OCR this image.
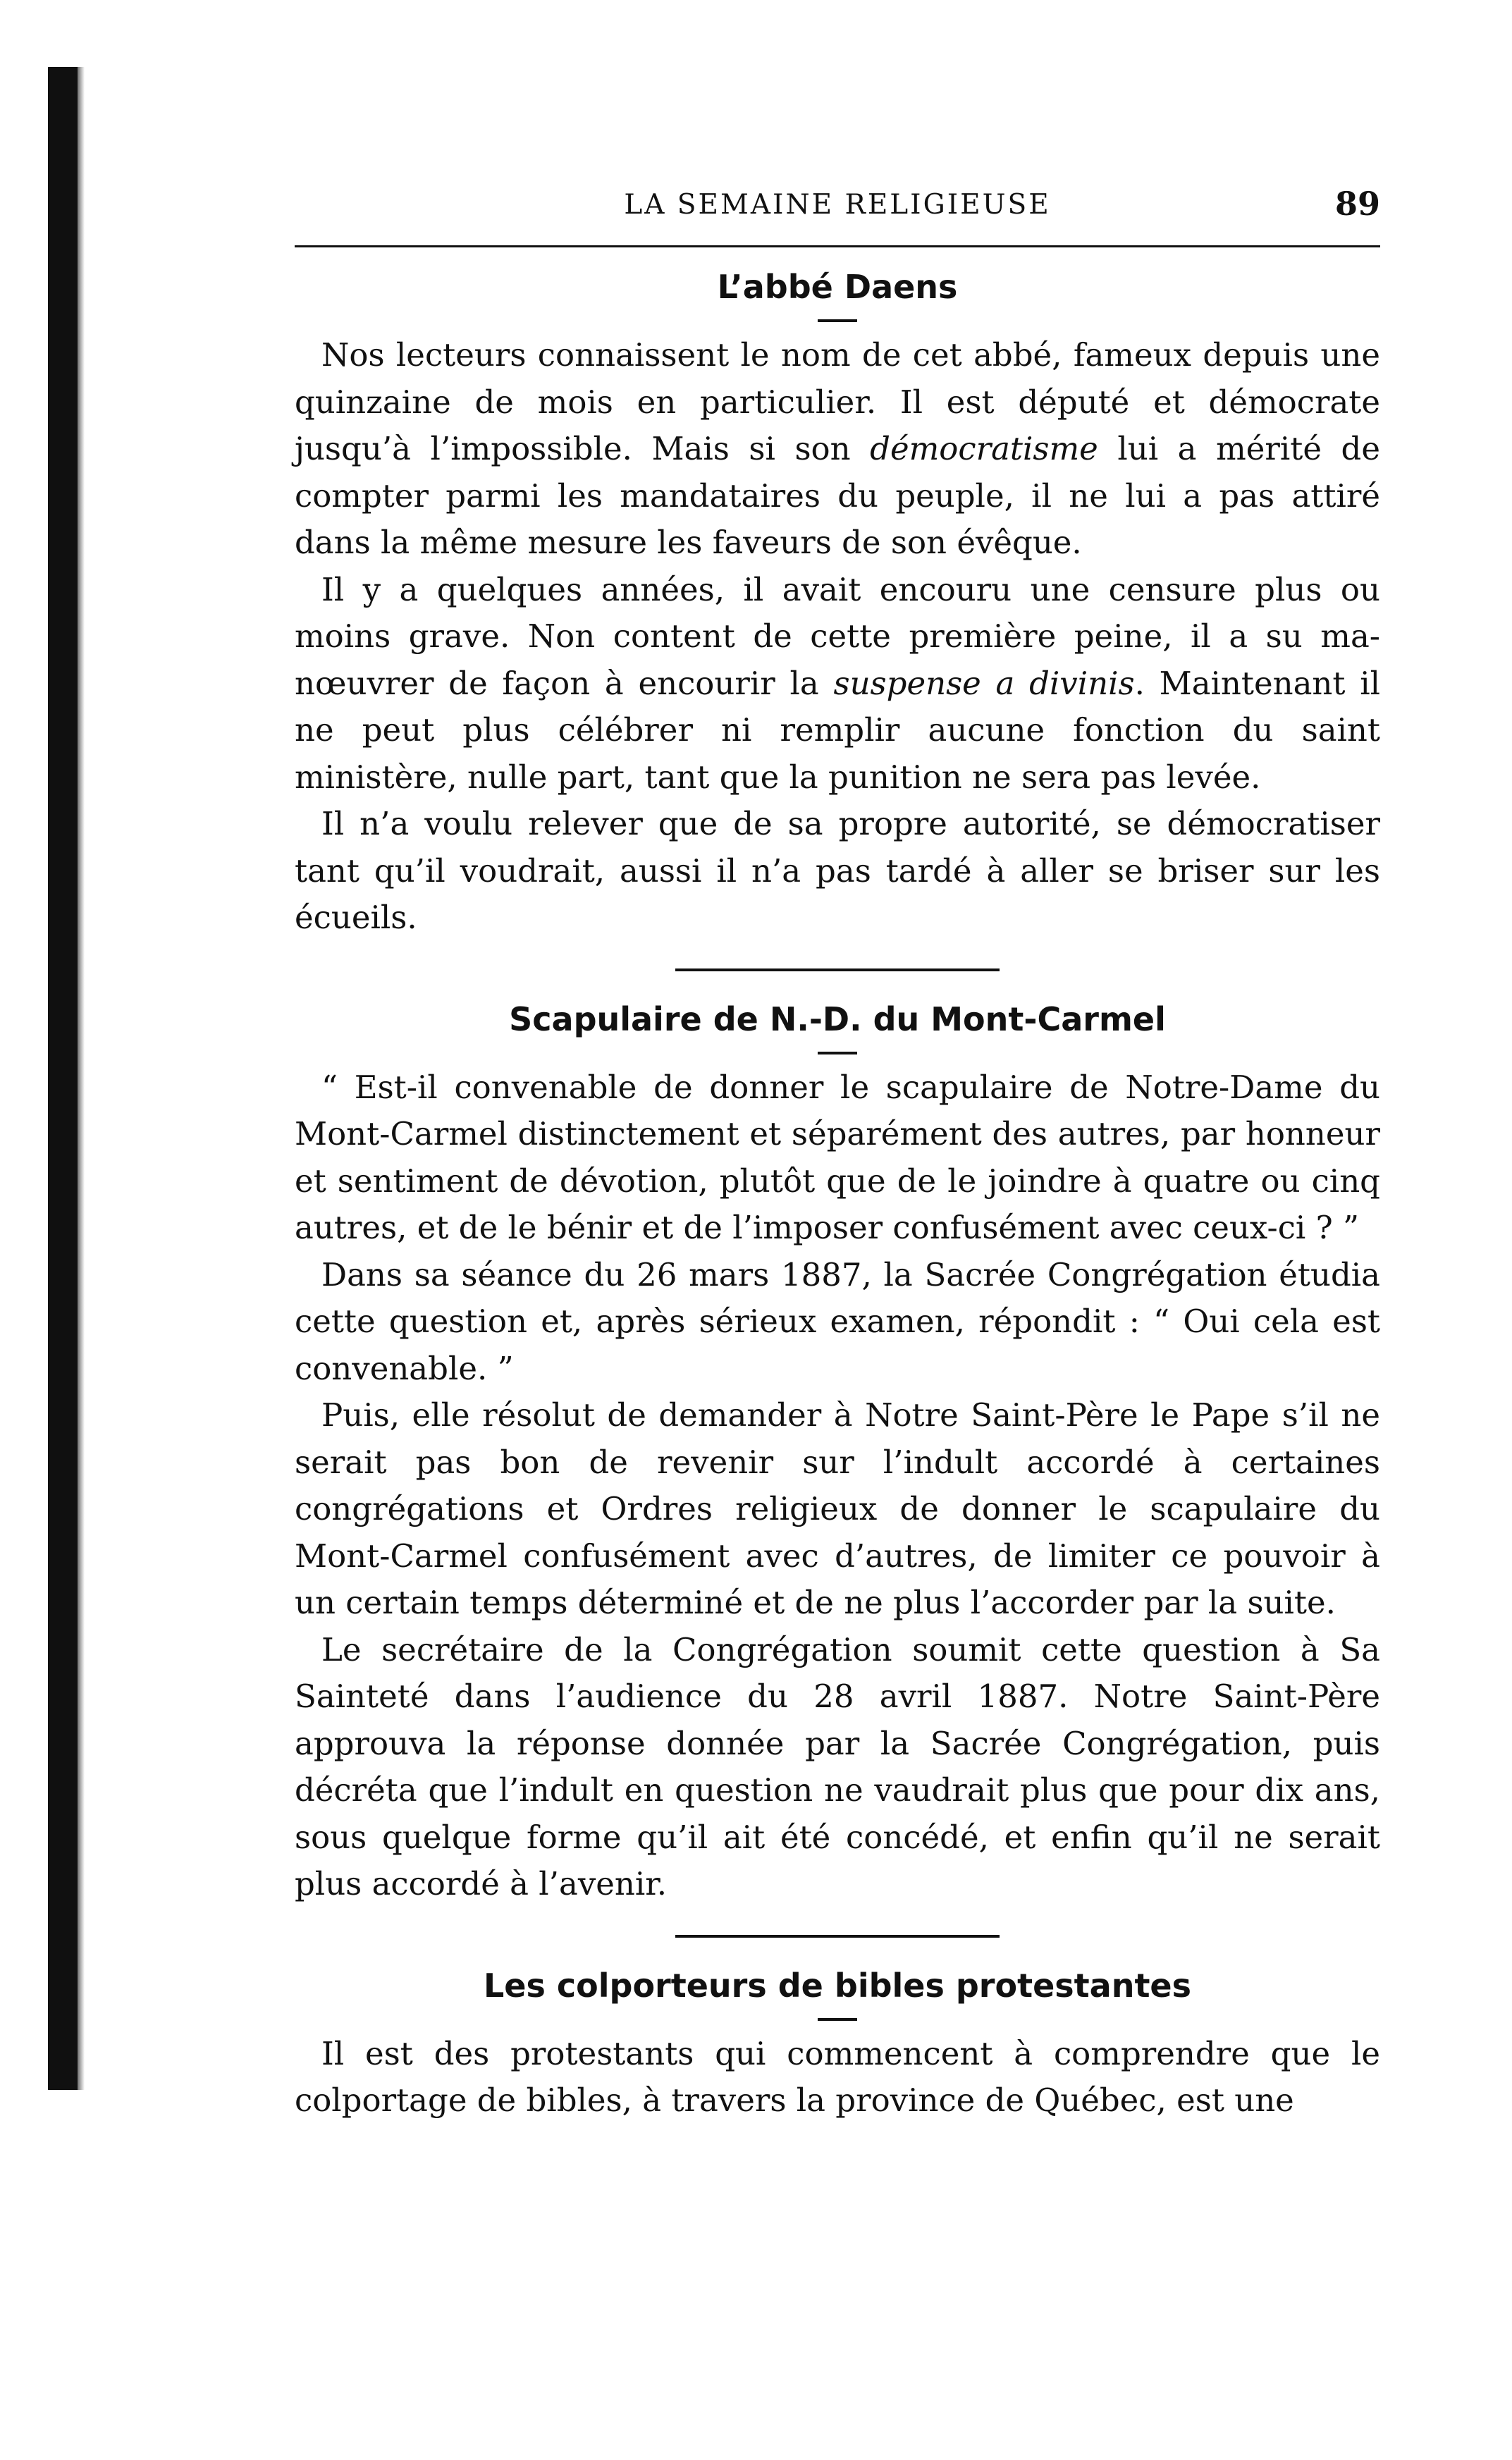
LA SEMAINE RELIGIEUSE	89
L’abbé Daens

Nos lecteurs connaissent le nom de cet abbé, fameux depuis une quinzaine de mois en particulier. Il est député et démocrate jusqu’à l’impossible. Mais si son démocratisme lui a mérité de compter parmi les mandataires du peuple, il ne lui a pas attiré dans la même mesure les faveurs de son évêque.

Il y a quelques années, il avait encouru une censure plus ou moins grave. Non content de cette première peine, il a su manœuvrer de façon à encourir la suspense a divinis. Maintenant il ne peut plus célébrer ni remplir aucune fonction du saint ministère, nulle part, tant que la punition ne sera pas levée.

Il n’a voulu relever que de sa propre autorité, se démocratiser tant qu’il voudrait, aussi il n’a pas tardé à aller se briser sur les écueils.

Scapulaire de N.-D. du Mont-Carmel

“ Est-il convenable de donner le scapulaire de Notre-Dame du Mont-Carmel distinctement et séparément des autres, par honneur et sentiment de dévotion, plutôt que de le joindre à quatre ou cinq autres, et de le bénir et de l’imposer confusément avec ceux-ci ? ”

Dans sa séance du 26 mars 1887, la Sacrée Congrégation étudia cette question et, après sérieux examen, répondit : “ Oui cela est convenable. ”

Puis, elle résolut de demander à Notre Saint-Père le Pape s’il ne serait pas bon de revenir sur l’indult accordé à certaines congrégations et Ordres religieux de donner le scapulaire du Mont-Carmel confusément avec d’autres, de limiter ce pouvoir à un certain temps déterminé et de ne plus l’accorder par la suite.

Le secrétaire de la Congrégation soumit cette question à Sa Sainteté dans l’audience du 28 avril 1887. Notre Saint-Père approuva la réponse donnée par la Sacrée Congrégation, puis décréta que l’indult en question ne vaudrait plus que pour dix ans, sous quelque forme qu’il ait été concédé, et enfin qu’il ne serait plus accordé à l’avenir.

Les colporteurs de bibles protestantes

Il est des protestants qui commencent à comprendre que le colportage de bibles, à travers la province de Québec, est une
